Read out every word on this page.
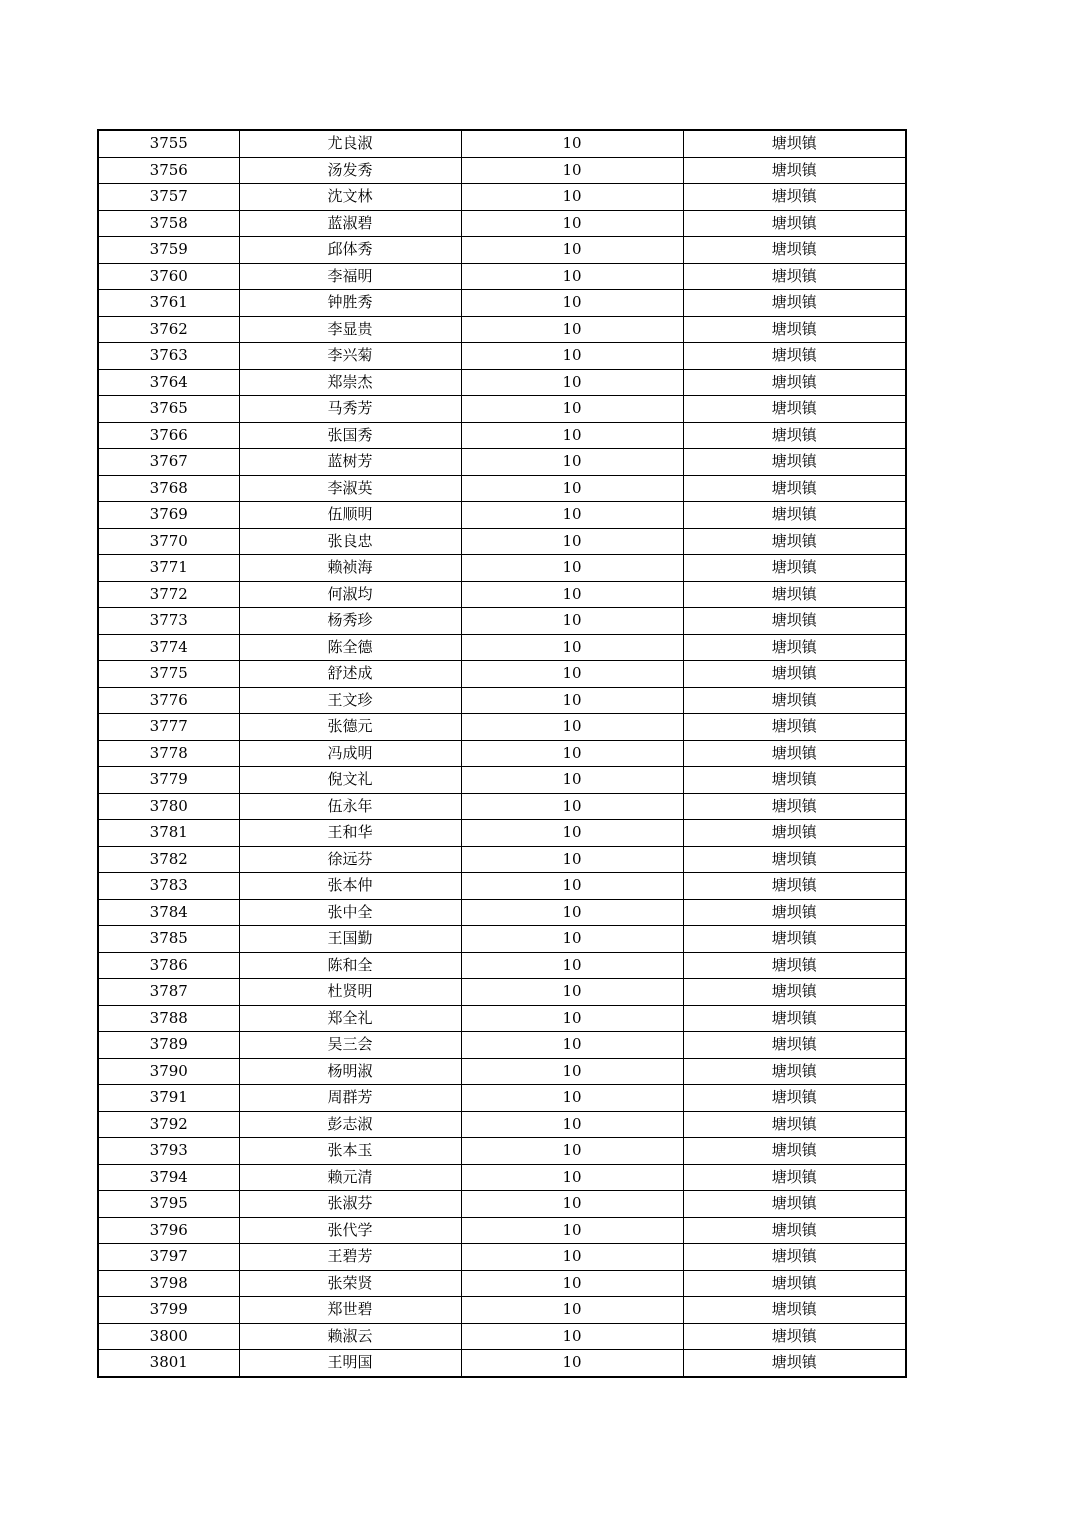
3755	尤良淑	10	塘坝镇
3756	汤发秀	10	塘坝镇
3757	沈文林	10	塘坝镇
3758	蓝淑碧	10	塘坝镇
3759	邱体秀	10	塘坝镇
3760	李福明	10	塘坝镇
3761	钟胜秀	10	塘坝镇
3762	李显贵	10	塘坝镇
3763	李兴菊	10	塘坝镇
3764	郑崇杰	10	塘坝镇
3765	马秀芳	10	塘坝镇
3766	张国秀	10	塘坝镇
3767	蓝树芳	10	塘坝镇
3768	李淑英	10	塘坝镇
3769	伍顺明	10	塘坝镇
3770	张良忠	10	塘坝镇
3771	赖祯海	10	塘坝镇
3772	何淑均	10	塘坝镇
3773	杨秀珍	10	塘坝镇
3774	陈全德	10	塘坝镇
3775	舒述成	10	塘坝镇
3776	王文珍	10	塘坝镇
3777	张德元	10	塘坝镇
3778	冯成明	10	塘坝镇
3779	倪文礼	10	塘坝镇
3780	伍永年	10	塘坝镇
3781	王和华	10	塘坝镇
3782	徐远芬	10	塘坝镇
3783	张本仲	10	塘坝镇
3784	张中全	10	塘坝镇
3785	王国勤	10	塘坝镇
3786	陈和全	10	塘坝镇
3787	杜贤明	10	塘坝镇
3788	郑全礼	10	塘坝镇
3789	吴三会	10	塘坝镇
3790	杨明淑	10	塘坝镇
3791	周群芳	10	塘坝镇
3792	彭志淑	10	塘坝镇
3793	张本玉	10	塘坝镇
3794	赖元清	10	塘坝镇
3795	张淑芬	10	塘坝镇
3796	张代学	10	塘坝镇
3797	王碧芳	10	塘坝镇
3798	张荣贤	10	塘坝镇
3799	郑世碧	10	塘坝镇
3800	赖淑云	10	塘坝镇
3801	王明国	10	塘坝镇
